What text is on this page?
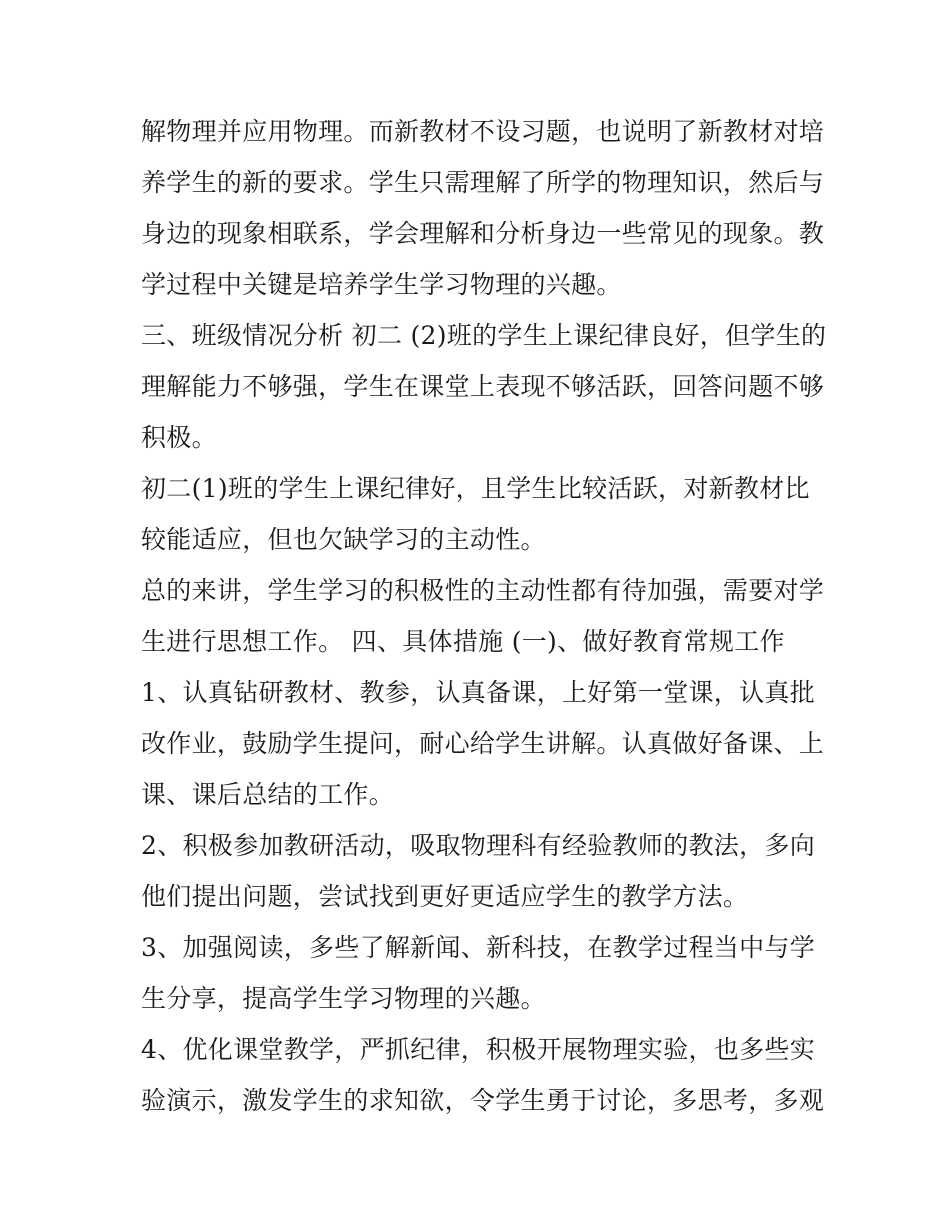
解物理并应用物理。而新教材不设习题，也说明了新教材对培
养学生的新的要求。学生只需理解了所学的物理知识，然后与
身边的现象相联系，学会理解和分析身边一些常见的现象。教
学过程中关键是培养学生学习物理的兴趣。
三、班级情况分析 初二 (2)班的学生上课纪律良好，但学生的
理解能力不够强，学生在课堂上表现不够活跃，回答问题不够
积极。
初二(1)班的学生上课纪律好，且学生比较活跃，对新教材比
较能适应，但也欠缺学习的主动性。
总的来讲，学生学习的积极性的主动性都有待加强，需要对学
生进行思想工作。 四、具体措施 (一)、做好教育常规工作
1、认真钻研教材、教参，认真备课，上好第一堂课，认真批
改作业，鼓励学生提问，耐心给学生讲解。认真做好备课、上
课、课后总结的工作。
2、积极参加教研活动，吸取物理科有经验教师的教法，多向
他们提出问题，尝试找到更好更适应学生的教学方法。
3、加强阅读，多些了解新闻、新科技，在教学过程当中与学
生分享，提高学生学习物理的兴趣。
4、优化课堂教学，严抓纪律，积极开展物理实验，也多些实
验演示，激发学生的求知欲，令学生勇于讨论，多思考，多观
